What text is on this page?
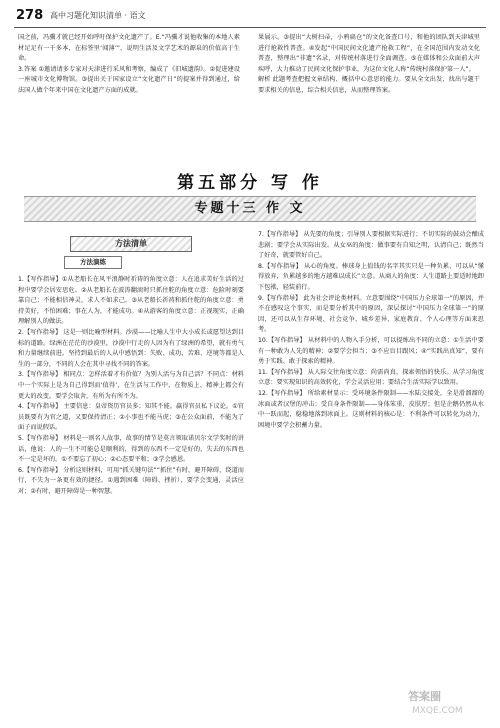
278 高中习题化知识清单 · 语文

国之前，冯骥才就已经开始呼吁保护文化遗产了。E.“冯骥才说他收集的本地人素材足足有一千多本，在标签里‘闻薄’”，说明生活及文学艺术的源泉的价值高于生命。

3.答案 ①邀请请多专家对天津进行采风和考察，编成了《旧城遗韵》。②促进建设一座城市文化博物馆。③提出关于国家设立“文化遗产日”的提案并得到通过，给法国人做个年来中国在文化遗产方面的成就。

果展示。③提出“大树扫帚，小鸦扁仓”的文化备查口号，和他的团队到天津城里进行抢救性普查。④发起“中国民间文化遗产抢救工程”，在全国范围内发动文化普查，整理出“非遗”名录，对传统村落进行全面调查。⑤在媒体和公众面前大声疾呼，大力推动了民间文化保护事业，为这位文化人称“传统村落保护第一人”。

解析 此题考查把握文章结构、概括中心意思的能力。要从全文出发，找出与题干要求相关的信息，综合相关信息，从而整理答案。

第五部分 写 作
专题十三 作 文
方法清单
方法演练

1.【写作指导】①从老船长在风平浪静时祈祷的角度立意：人在追求美好生活的过程中要学会居安思危。②从老船长在波涛翻滚时只抓住舵的角度立意：危险时刻要靠自己；不能相信神灵，求人不如求己。③从老船长祈祷和抓住舵的角度立意：勇持美好，不怕困难；事在人为，才能成功。④从游客的角度立意：正视现实，正确理解别人的做法。

2.【写作指导】 这是一则比喻型材料。沙漠——比喻人生中大小成长或愿望达到目标的道路。绿洲在茫茫的沙漠里，沙漠中行走的人因为有了绿洲的希望，就有勇气和力量继续前进。坚持到最后的人从中感悟到：失败、成功、苦难、逆境等都是人生的一部分，不同的人会在其中寻找不同的答案。

3.【写作指导】 相同点：怎样活着才有价值？为别人活与为自己活？不同点：材料中一个实际上是为自己得到而‘值得’，在生活与工作中，在物质上、精神上都会有更大的改变。要学会取舍，有所为有所不为。

4.【写作指导】 主要信息：皇帝资历官员多；知其不能。赢得官员私下议论。①官员既要有为官之道，又要保持清正；②小事也不能马虎；③在公众面前，不能为了面子而说假话。

5.【写作指导】 材料是一则名人故事，故事的情节是莫言领取诺贝尔文学奖时的讲话，他说：人的一生不可能总是顺利的，得到的东西不一定是好的，失去的东西也不一定是坏的。①不要忘了初心；②心态要平和；③学会感恩。

6.【写作指导】 分析这则材料，可用“抓关键句法”“抓住”有时，避开障碍，绕道而行，不失为一条更有效的捷径。①遇到困难（障碍、挫折），要学会变通，灵活应对；②有时，避开障碍是一种智慧。

7.【写作指导】 从先要的角度；引导别人要根据实际进行；不切实际的鼓动会酿成悲剧；要学会从实际出发。从女巫的角度：做事要有自知之明，认清自己；既然当了好奇，就要管好自己。

8.【写作指导】 从心的角度。棒球身上值钱的名字其实只是一种负累，可以从“懂得放弃，负累越多的地方越难以成长”立意。从商人的角度：人生道路上要适时地卸下包袱，轻装前行。

9.【写作指导】 此为社会评论类材料。立意要围绕“中国压力全球第一”的原因，并不在感叹这个事实，而是要分析其中的原因，深层探讨“中国压力全球第一”的原因，还可以从生存环境、社会竞争、城乡差异、家庭教育、个人心理等方面来思考。

10.【写作指导】 从材料中的人物入手分析，可以提炼出不同的立意：①生活中要有一种敢为人先的精神；②要学会担当；③不应盲目跟风；④“实践出真知”，要有勇于实践、敢于探索的精神。

11.【写作指导】 从人际交往角度立意：尚需尚真，探索领悟的快乐。从学习角度立意：要实现知识的高效转化，学会灵活应用；要结合生活实际学以致用。

12.【写作指导】 所给素材显示：受环境条件限制——水陆交接处，全是滑溜溜的冰面或者汉堡的冲击；受自身条件限制——身体笨重，皮肤厚；但是企鹅仍然从水中一跃而起，稳稳地落到冰面上。这则材料的核心是：不利条件可以转化为动力，困境中要学会积蓄力量。

答案圈
MXQE.COM
